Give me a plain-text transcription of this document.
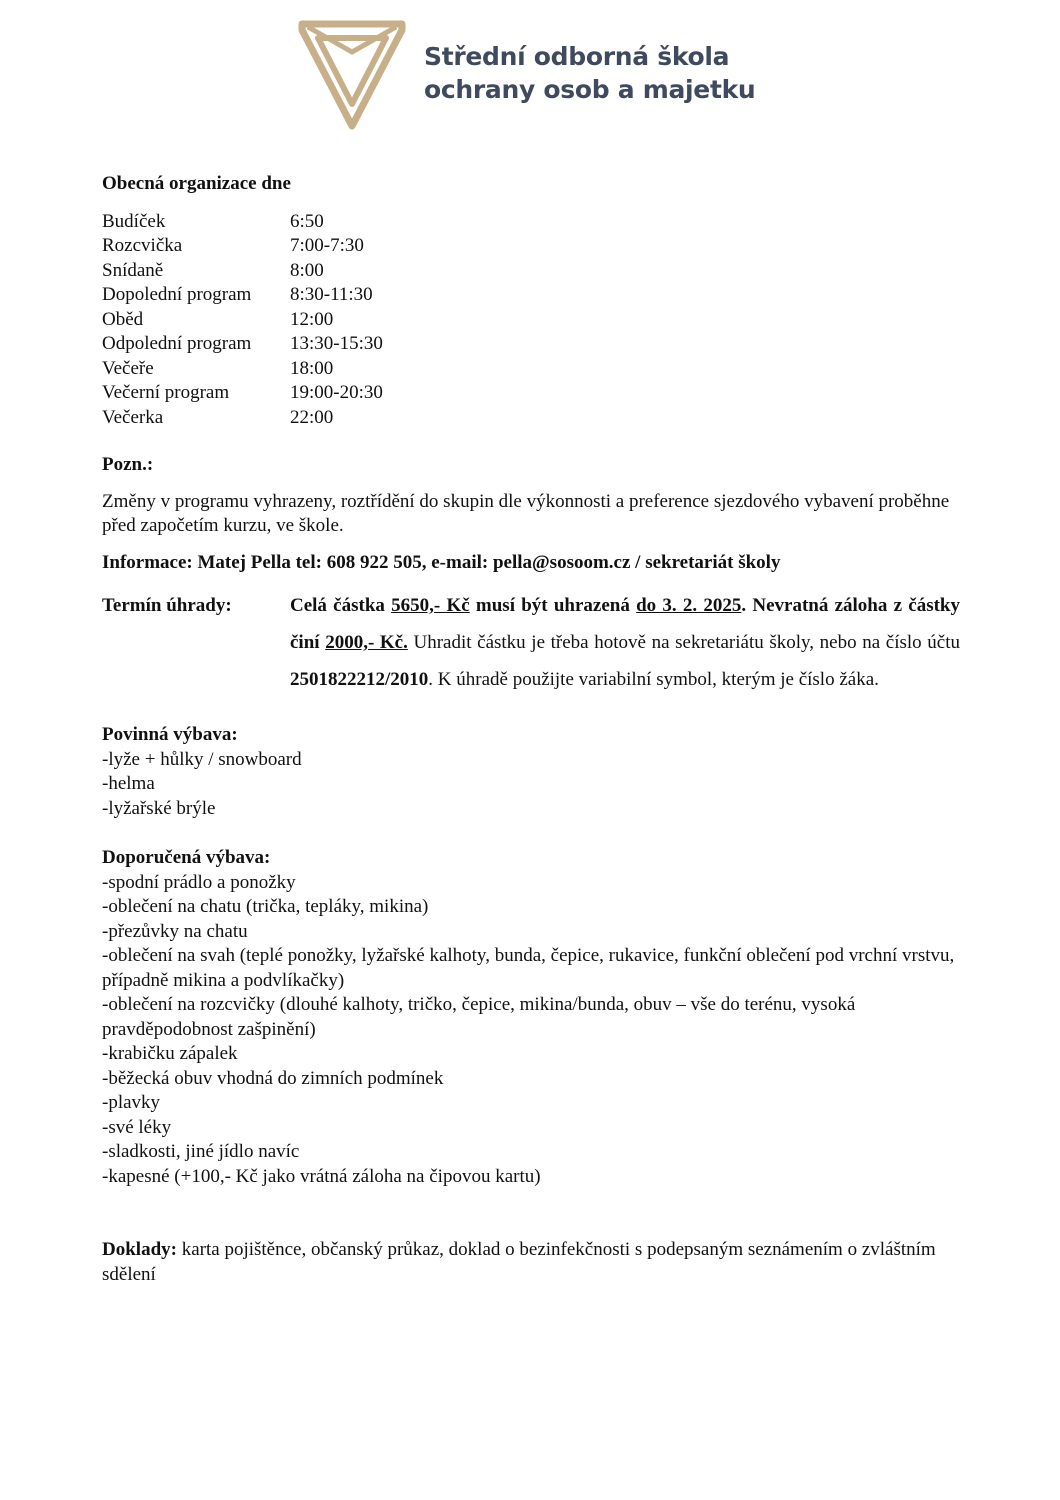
Střední odborná škola
ochrany osob a majetku
Obecná organizace dne
Budíček	6:50
Rozcvička	7:00-7:30
Snídaně	8:00
Dopolední program	8:30-11:30
Oběd	12:00
Odpolední program	13:30-15:30
Večeře	18:00
Večerní program	19:00-20:30
Večerka	22:00
Pozn.:
Změny v programu vyhrazeny, roztřídění do skupin dle výkonnosti a preference sjezdového vybavení proběhne před započetím kurzu, ve škole.
Informace: Matej Pella tel: 608 922 505, e-mail: pella@sosoom.cz / sekretariát školy
Termín úhrady:	Celá částka 5650,- Kč musí být uhrazená do 3. 2. 2025. Nevratná záloha z částky činí 2000,- Kč. Uhradit částku je třeba hotově na sekretariátu školy, nebo na číslo účtu 2501822212/2010. K úhradě použijte variabilní symbol, kterým je číslo žáka.
Povinná výbava:
-lyže + hůlky / snowboard
-helma
-lyžařské brýle
Doporučená výbava:
-spodní prádlo a ponožky
-oblečení na chatu (trička, tepláky, mikina)
-přezůvky na chatu
-oblečení na svah (teplé ponožky, lyžařské kalhoty, bunda, čepice, rukavice, funkční oblečení pod vrchní vrstvu, případně mikina a podvlíkačky)
-oblečení na rozcvičky (dlouhé kalhoty, tričko, čepice, mikina/bunda, obuv – vše do terénu, vysoká pravděpodobnost zašpinění)
-krabičku zápalek
-běžecká obuv vhodná do zimních podmínek
-plavky
-své léky
-sladkosti, jiné jídlo navíc
-kapesné (+100,- Kč jako vrátná záloha na čipovou kartu)
Doklady: karta pojištěnce, občanský průkaz, doklad o bezinfekčnosti s podepsaným seznámením o zvláštním sdělení
